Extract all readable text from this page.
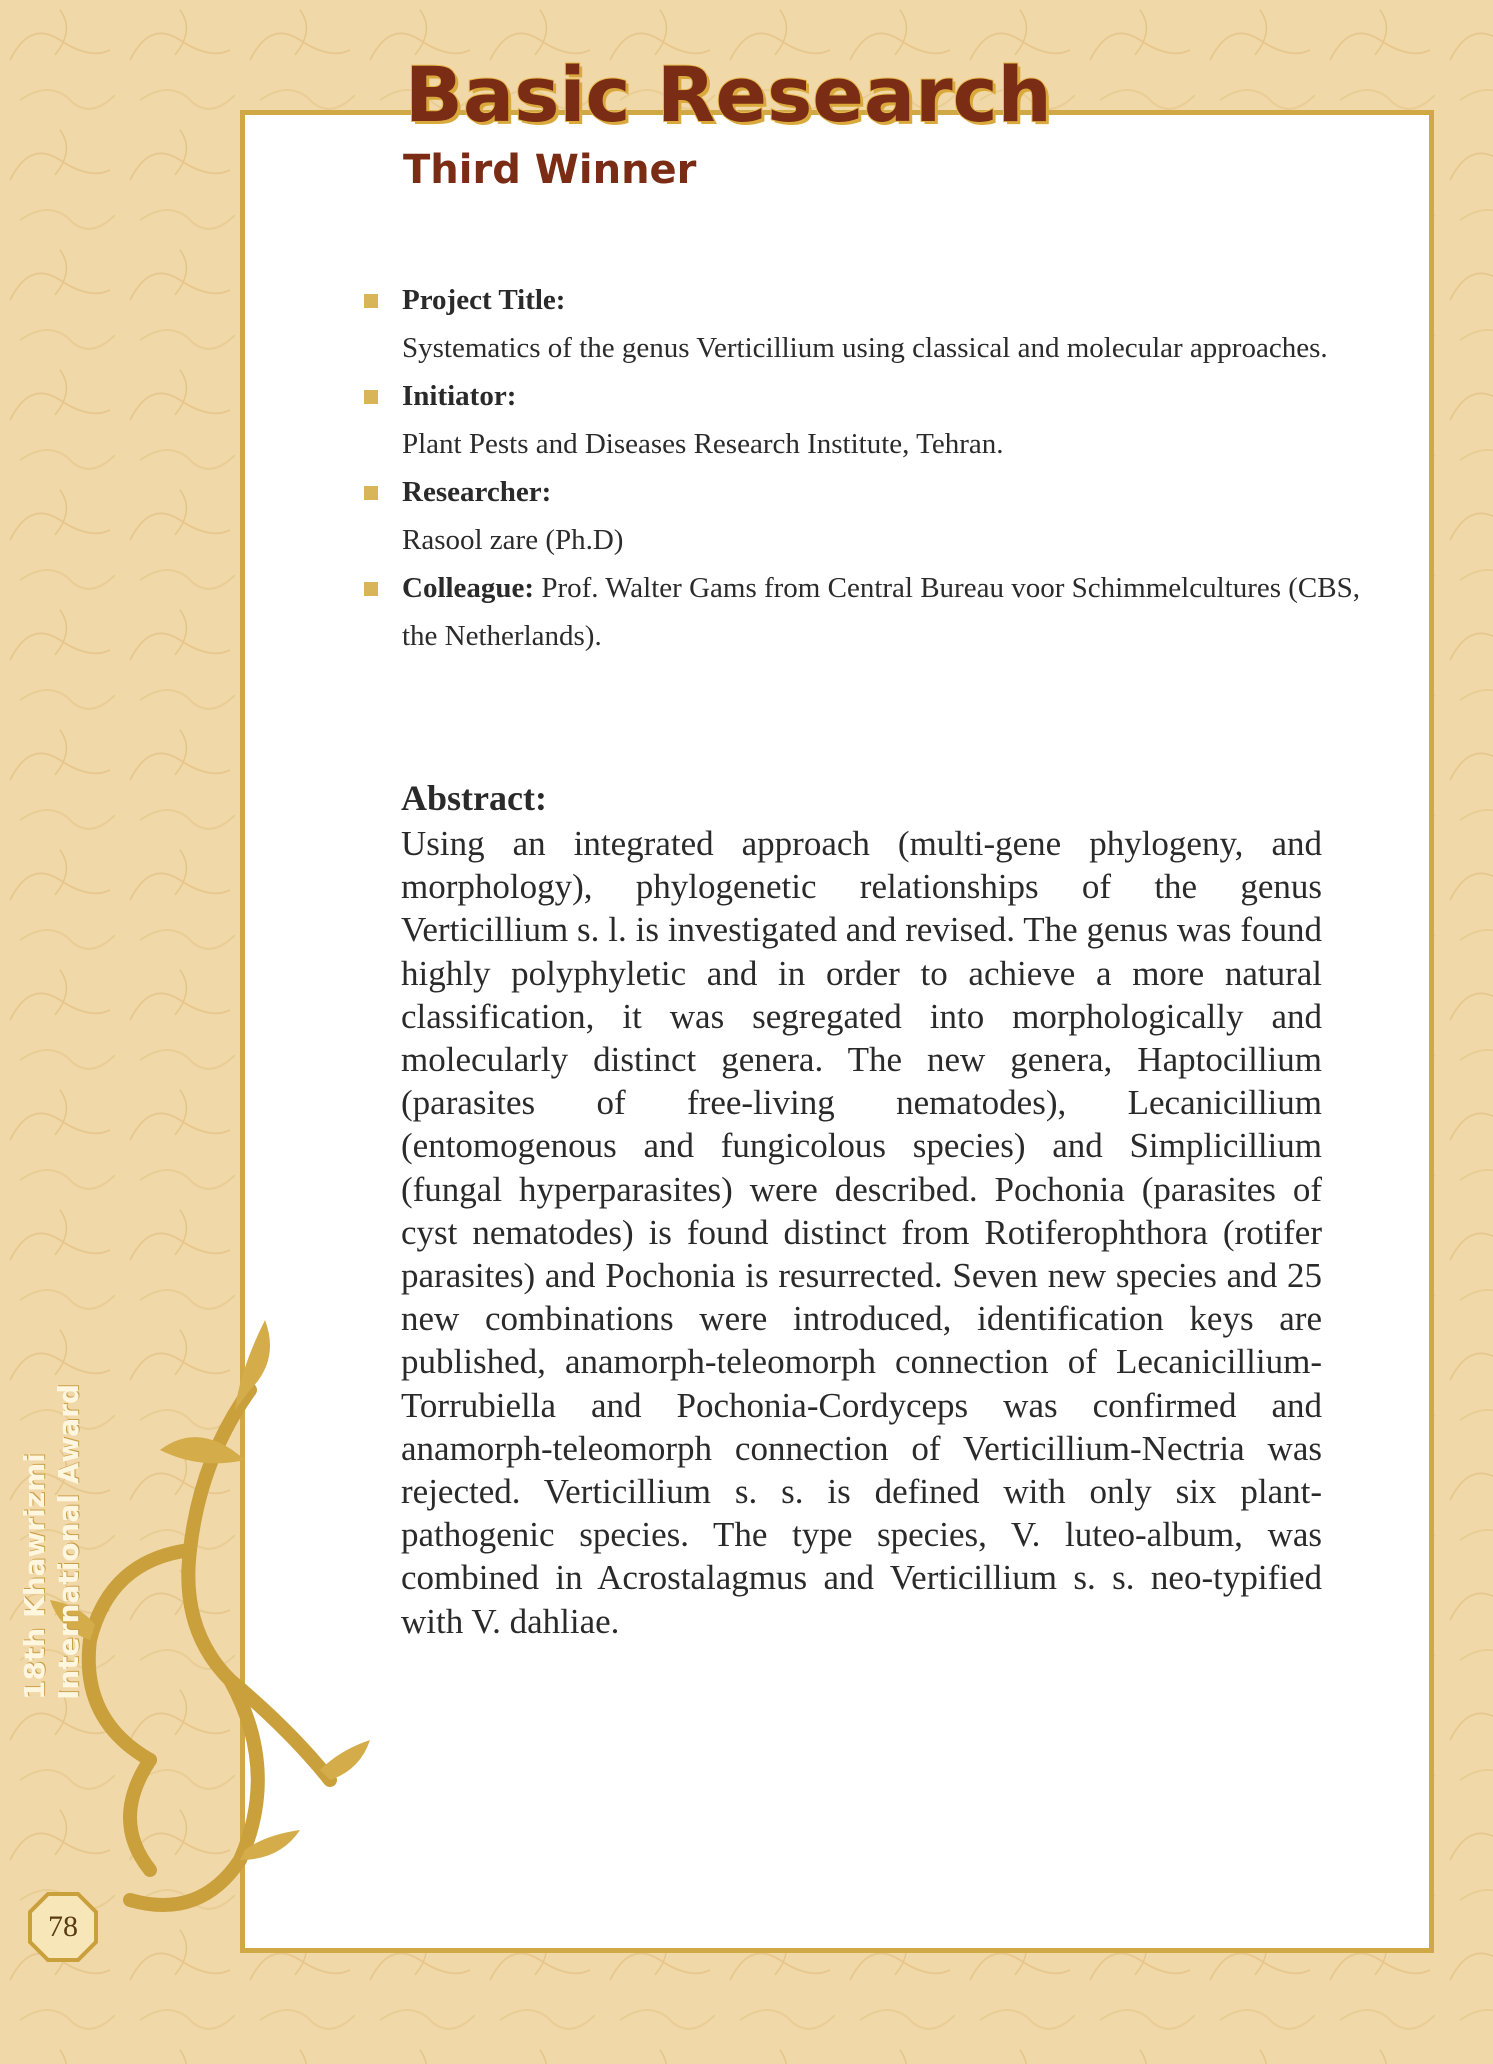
18th Khawrizmi International Award
78
Basic Research
Third Winner
Project Title:
Systematics of the genus Verticillium using classical and molecular approaches.
Initiator:
Plant Pests and Diseases Research Institute, Tehran.
Researcher:
Rasool zare (Ph.D)
Colleague: Prof. Walter Gams from Central Bureau voor Schimmelcultures (CBS, the Netherlands).
Abstract:

Using an integrated approach (multi-gene phylogeny, and morphology), phylogenetic relationships of the genus Verticillium s. l. is investigated and revised. The genus was found highly polyphyletic and in order to achieve a more natural classification, it was segregated into morphologically and molecularly distinct genera. The new genera, Haptocillium (parasites of free-living nematodes), Lecanicillium (entomogenous and fungicolous species) and Simplicillium (fungal hyperparasites) were described. Pochonia (parasites of cyst nematodes) is found distinct from Rotiferophthora (rotifer parasites) and Pochonia is resurrected. Seven new species and 25 new combinations were introduced, identification keys are published, anamorph-teleomorph connection of Lecanicillium-Torrubiella and Pochonia-Cordyceps was confirmed and anamorph-teleomorph connection of Verticillium-Nectria was rejected. Verticillium s. s. is defined with only six plant-pathogenic species. The type species, V. luteo-album, was combined in Acrostalagmus and Verticillium s. s. neo-typified with V. dahliae.
